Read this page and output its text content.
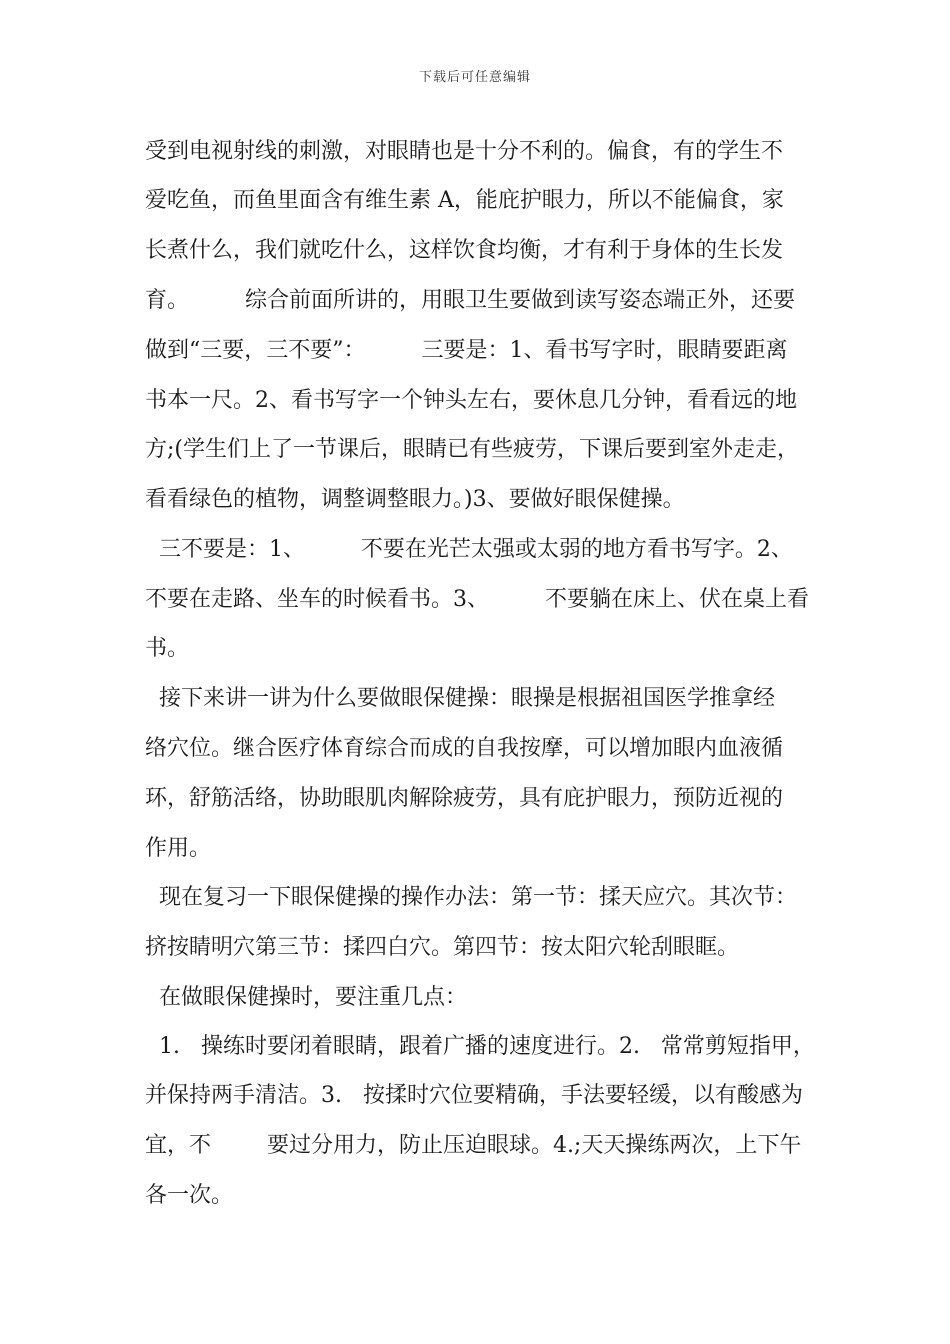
下载后可任意编辑
受到电视射线的刺激，对眼睛也是十分不利的。偏食，有的学生不
爱吃鱼，而鱼里面含有维生素 A，能庇护眼力，所以不能偏食，家
长煮什么，我们就吃什么，这样饮食均衡，才有利于身体的生长发
育。        综合前面所讲的，用眼卫生要做到读写姿态端正外，还要
做到“三要，三不要”：        三要是：1、看书写字时，眼睛要距离
书本一尺。2、看书写字一个钟头左右，要休息几分钟，看看远的地
方;(学生们上了一节课后，眼睛已有些疲劳，下课后要到室外走走，
看看绿色的植物，调整调整眼力。)3、要做好眼保健操。
三不要是：1、        不要在光芒太强或太弱的地方看书写字。2、
不要在走路、坐车的时候看书。3、        不要躺在床上、伏在桌上看
书。
接下来讲一讲为什么要做眼保健操：眼操是根据祖国医学推拿经
络穴位。继合医疗体育综合而成的自我按摩，可以增加眼内血液循
环，舒筋活络，协助眼肌肉解除疲劳，具有庇护眼力，预防近视的
作用。
现在复习一下眼保健操的操作办法：第一节：揉天应穴。其次节：
挤按睛明穴第三节：揉四白穴。第四节：按太阳穴轮刮眼眶。
在做眼保健操时，要注重几点：
1.   操练时要闭着眼睛，跟着广播的速度进行。2.   常常剪短指甲，
并保持两手清洁。3.   按揉时穴位要精确，手法要轻缓，以有酸感为
宜，不        要过分用力，防止压迫眼球。4.;天天操练两次，上下午
各一次。
